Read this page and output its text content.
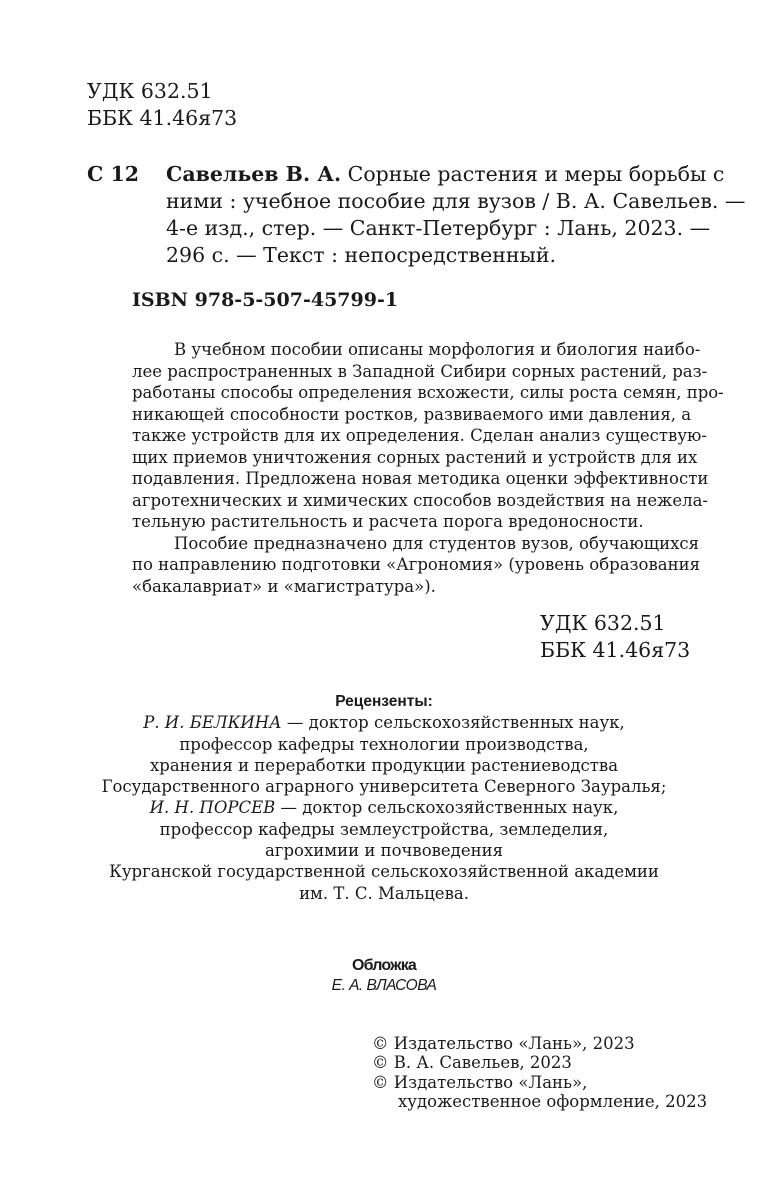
УДК 632.51
ББК 41.46я73
С 12 Савельев В. А. Сорные растения и меры борьбы с
ними : учебное пособие для вузов / В. А. Савельев. —
4-е изд., стер. — Санкт-Петербург : Лань, 2023. —
296 с. — Текст : непосредственный.
ISBN 978-5-507-45799-1
В учебном пособии описаны морфология и биология наибо-
лее распространенных в Западной Сибири сорных растений, раз-
работаны способы определения всхожести, силы роста семян, про-
никающей способности ростков, развиваемого ими давления, а
также устройств для их определения. Сделан анализ существую-
щих приемов уничтожения сорных растений и устройств для их
подавления. Предложена новая методика оценки эффективности
агротехнических и химических способов воздействия на нежела-
тельную растительность и расчета порога вредоносности.
Пособие предназначено для студентов вузов, обучающихся
по направлению подготовки «Агрономия» (уровень образования
«бакалавриат» и «магистратура»).
УДК 632.51
ББК 41.46я73
Рецензенты:
Р. И. БЕЛКИНА — доктор сельскохозяйственных наук,
профессор кафедры технологии производства,
хранения и переработки продукции растениеводства
Государственного аграрного университета Северного Зауралья;
И. Н. ПОРСЕВ — доктор сельскохозяйственных наук,
профессор кафедры землеустройства, земледелия,
агрохимии и почвоведения
Курганской государственной сельскохозяйственной академии
им. Т. С. Мальцева.
Обложка
Е. А. ВЛАСОВА
© Издательство «Лань», 2023
© В. А. Савельев, 2023
© Издательство «Лань»,
художественное оформление, 2023
